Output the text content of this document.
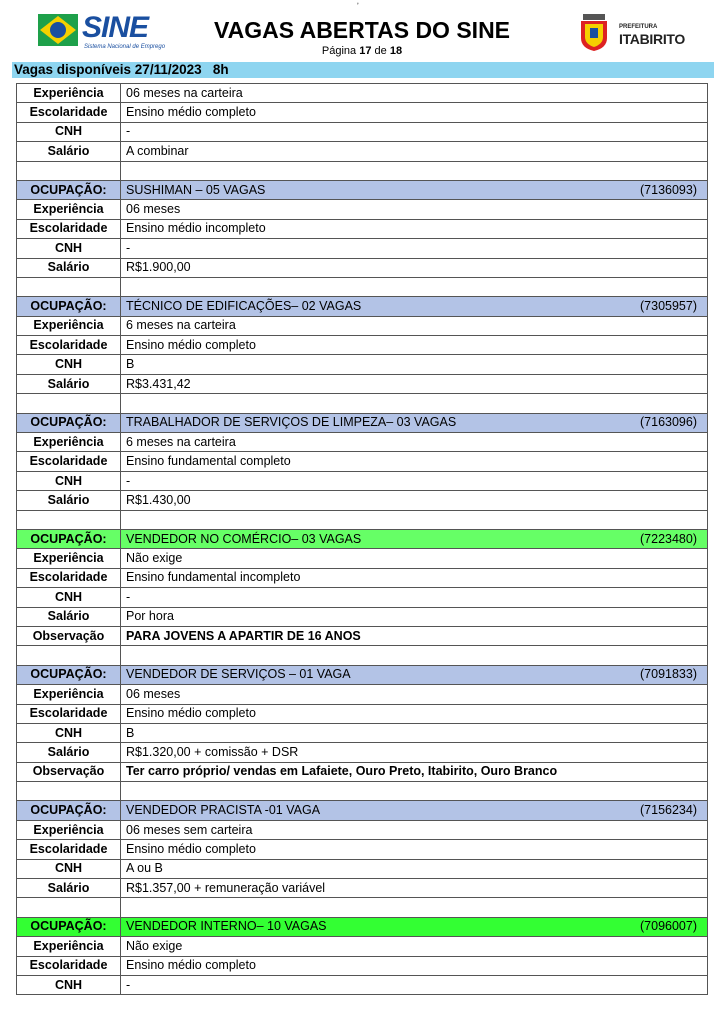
ʼ
SINE
Sistema Nacional de Emprego
VAGAS ABERTAS DO SINE
Página 17 de 18
PREFEITURA
ITABIRITO
Vagas disponíveis 27/11/2023 8h
Experiência	06 meses na carteira
Escolaridade	Ensino médio completo
CNH	-
Salário	A combinar

OCUPAÇÃO:	SUSHIMAN – 05 VAGAS (7136093)

Experiência	06 meses
Escolaridade	Ensino médio incompleto
CNH	-
Salário	R$1.900,00

OCUPAÇÃO:	TÉCNICO DE EDIFICAÇÕES– 02 VAGAS (7305957)

Experiência	6 meses na carteira
Escolaridade	Ensino médio completo
CNH	B
Salário	R$3.431,42

OCUPAÇÃO:	TRABALHADOR DE SERVIÇOS DE LIMPEZA– 03 VAGAS (7163096)

Experiência	6 meses na carteira
Escolaridade	Ensino fundamental completo
CNH	-
Salário	R$1.430,00

OCUPAÇÃO:	VENDEDOR NO COMÉRCIO– 03 VAGAS (7223480)

Experiência	Não exige
Escolaridade	Ensino fundamental incompleto
CNH	-
Salário	Por hora
Observação	PARA JOVENS A APARTIR DE 16 ANOS

OCUPAÇÃO:	VENDEDOR DE SERVIÇOS – 01 VAGA (7091833)

Experiência	06 meses
Escolaridade	Ensino médio completo
CNH	B
Salário	R$1.320,00 + comissão + DSR
Observação	Ter carro próprio/ vendas em Lafaiete, Ouro Preto, Itabirito, Ouro Branco

OCUPAÇÃO:	VENDEDOR PRACISTA -01 VAGA (7156234)

Experiência	06 meses sem carteira
Escolaridade	Ensino médio completo
CNH	A ou B
Salário	R$1.357,00 + remuneração variável

OCUPAÇÃO:	VENDEDOR INTERNO– 10 VAGAS (7096007)

Experiência	Não exige
Escolaridade	Ensino médio completo
CNH	-
